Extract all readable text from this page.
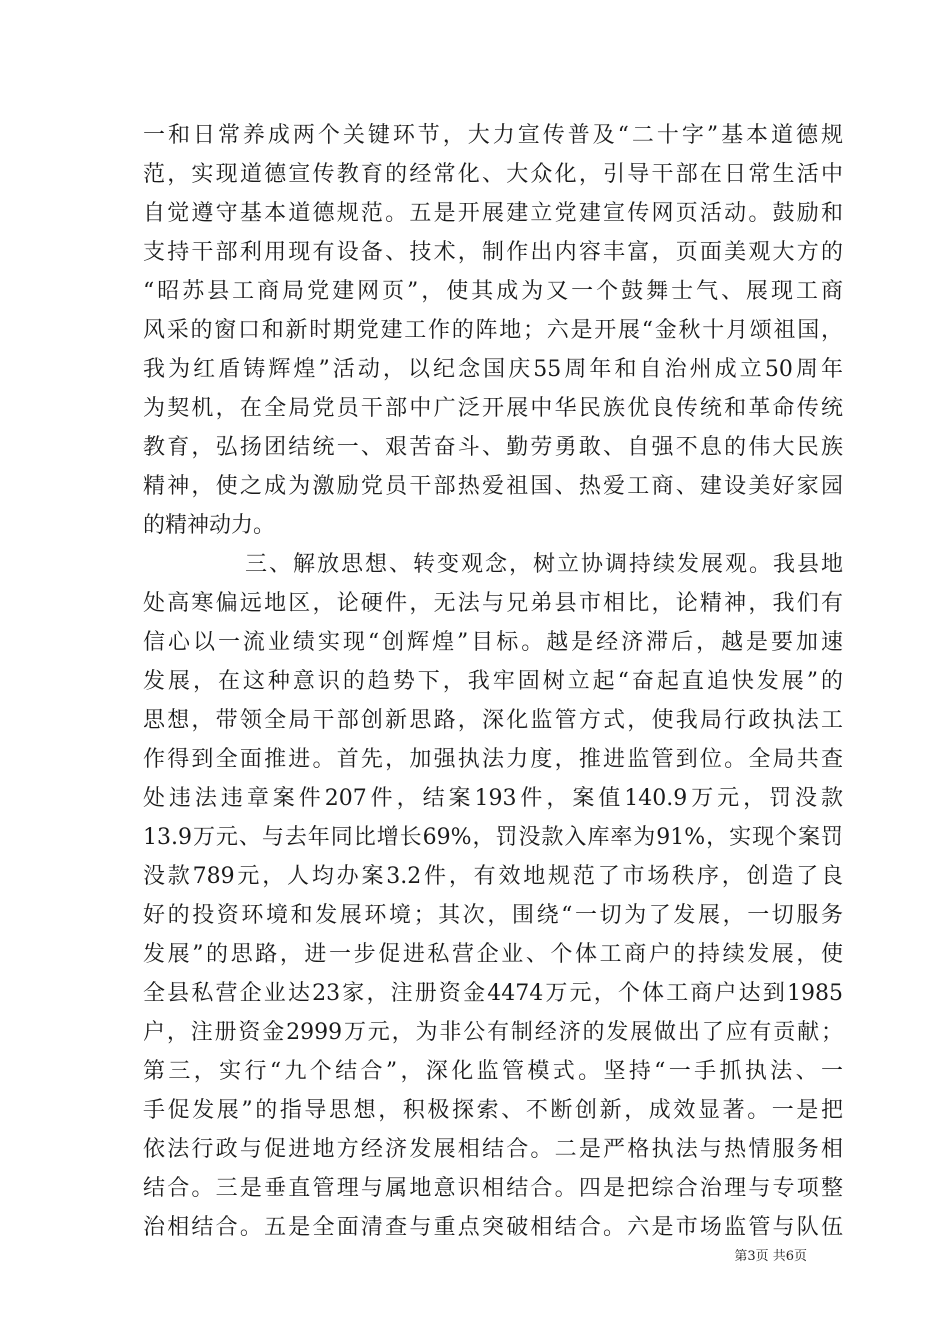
一和日常养成两个关键环节，大力宣传普及“二十字”基本道德规
范，实现道德宣传教育的经常化、大众化，引导干部在日常生活中
自觉遵守基本道德规范。五是开展建立党建宣传网页活动。鼓励和
支持干部利用现有设备、技术，制作出内容丰富，页面美观大方的
“昭苏县工商局党建网页”，使其成为又一个鼓舞士气、展现工商
风采的窗口和新时期党建工作的阵地；六是开展“金秋十月颂祖国，
我为红盾铸辉煌”活动，以纪念国庆55周年和自治州成立50周年
为契机，在全局党员干部中广泛开展中华民族优良传统和革命传统
教育，弘扬团结统一、艰苦奋斗、勤劳勇敢、自强不息的伟大民族
精神，使之成为激励党员干部热爱祖国、热爱工商、建设美好家园
的精神动力。
三、解放思想、转变观念，树立协调持续发展观。我县地
处高寒偏远地区，论硬件，无法与兄弟县市相比，论精神，我们有
信心以一流业绩实现“创辉煌”目标。越是经济滞后，越是要加速
发展，在这种意识的趋势下，我牢固树立起“奋起直追快发展”的
思想，带领全局干部创新思路，深化监管方式，使我局行政执法工
作得到全面推进。首先，加强执法力度，推进监管到位。全局共查
处违法违章案件207件，结案193件，案值140.9万元，罚没款
13.9万元、与去年同比增长69%，罚没款入库率为91%，实现个案罚
没款789元，人均办案3.2件，有效地规范了市场秩序，创造了良
好的投资环境和发展环境；其次，围绕“一切为了发展，一切服务
发展”的思路，进一步促进私营企业、个体工商户的持续发展，使
全县私营企业达23家，注册资金4474万元，个体工商户达到1985
户，注册资金2999万元，为非公有制经济的发展做出了应有贡献；
第三，实行“九个结合”，深化监管模式。坚持“一手抓执法、一
手促发展”的指导思想，积极探索、不断创新，成效显著。一是把
依法行政与促进地方经济发展相结合。二是严格执法与热情服务相
结合。三是垂直管理与属地意识相结合。四是把综合治理与专项整
治相结合。五是全面清查与重点突破相结合。六是市场监管与队伍
第3页 共6页
